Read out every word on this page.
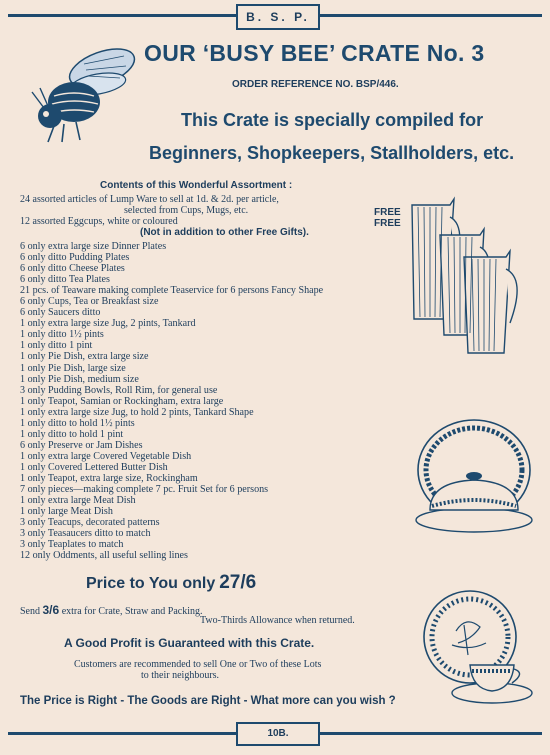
B. S. P.
OUR ‘BUSY BEE’ CRATE No. 3
ORDER REFERENCE NO. BSP/446.
This Crate is specially compiled for
Beginners, Shopkeepers, Stallholders, etc.
Contents of this Wonderful Assortment :
24 assorted articles of Lump Ware to sell at 1d. & 2d. per article,
selected from Cups, Mugs, etc.
12 assorted Eggcups, white or coloured
(Not in addition to other Free Gifts).
FREE
FREE
6 only extra large size Dinner Plates
6 only ditto Pudding Plates
6 only ditto Cheese Plates
6 only ditto Tea Plates
21 pcs. of Teaware making complete Teaservice for 6 persons Fancy Shape
6 only Cups, Tea or Breakfast size
6 only Saucers ditto
1 only extra large size Jug, 2 pints, Tankard
1 only ditto 1½ pints
1 only ditto 1 pint
1 only Pie Dish, extra large size
1 only Pie Dish, large size
1 only Pie Dish, medium size
3 only Pudding Bowls, Roll Rim, for general use
1 only Teapot, Samian or Rockingham, extra large
1 only extra large size Jug, to hold 2 pints, Tankard Shape
1 only ditto to hold 1½ pints
1 only ditto to hold 1 pint
6 only Preserve or Jam Dishes
1 only extra large Covered Vegetable Dish
1 only Covered Lettered Butter Dish
1 only Teapot, extra large size, Rockingham
7 only pieces—making complete 7 pc. Fruit Set for 6 persons
1 only extra large Meat Dish
1 only large Meat Dish
3 only Teacups, decorated patterns
3 only Teasaucers ditto to match
3 only Teaplates to match
12 only Oddments, all useful selling lines
Price to You only 27/6
Send 3/6 extra for Crate, Straw and Packing.
Two-Thirds Allowance when returned.
A Good Profit is Guaranteed with this Crate.
Customers are recommended to sell One or Two of these Lots
to their neighbours.
The Price is Right - The Goods are Right - What more can you wish ?
10B.
